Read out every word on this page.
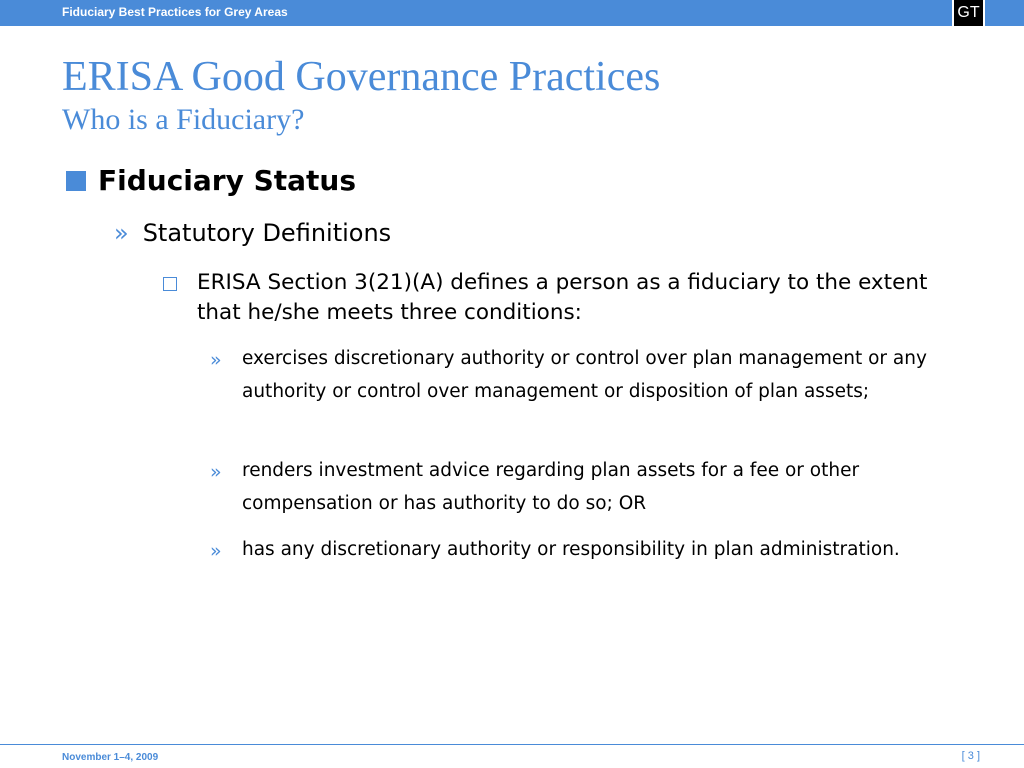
Fiduciary Best Practices for Grey Areas	GT
ERISA Good Governance Practices
Who is a Fiduciary?
Fiduciary Status
» Statutory Definitions
ERISA Section 3(21)(A) defines a person as a fiduciary to the extent that he/she meets three conditions:
» exercises discretionary authority or control over plan management or any authority or control over management or disposition of plan assets;
» renders investment advice regarding plan assets for a fee or other compensation or has authority to do so; OR
» has any discretionary authority or responsibility in plan administration.
November 1–4, 2009	[ 3 ]
